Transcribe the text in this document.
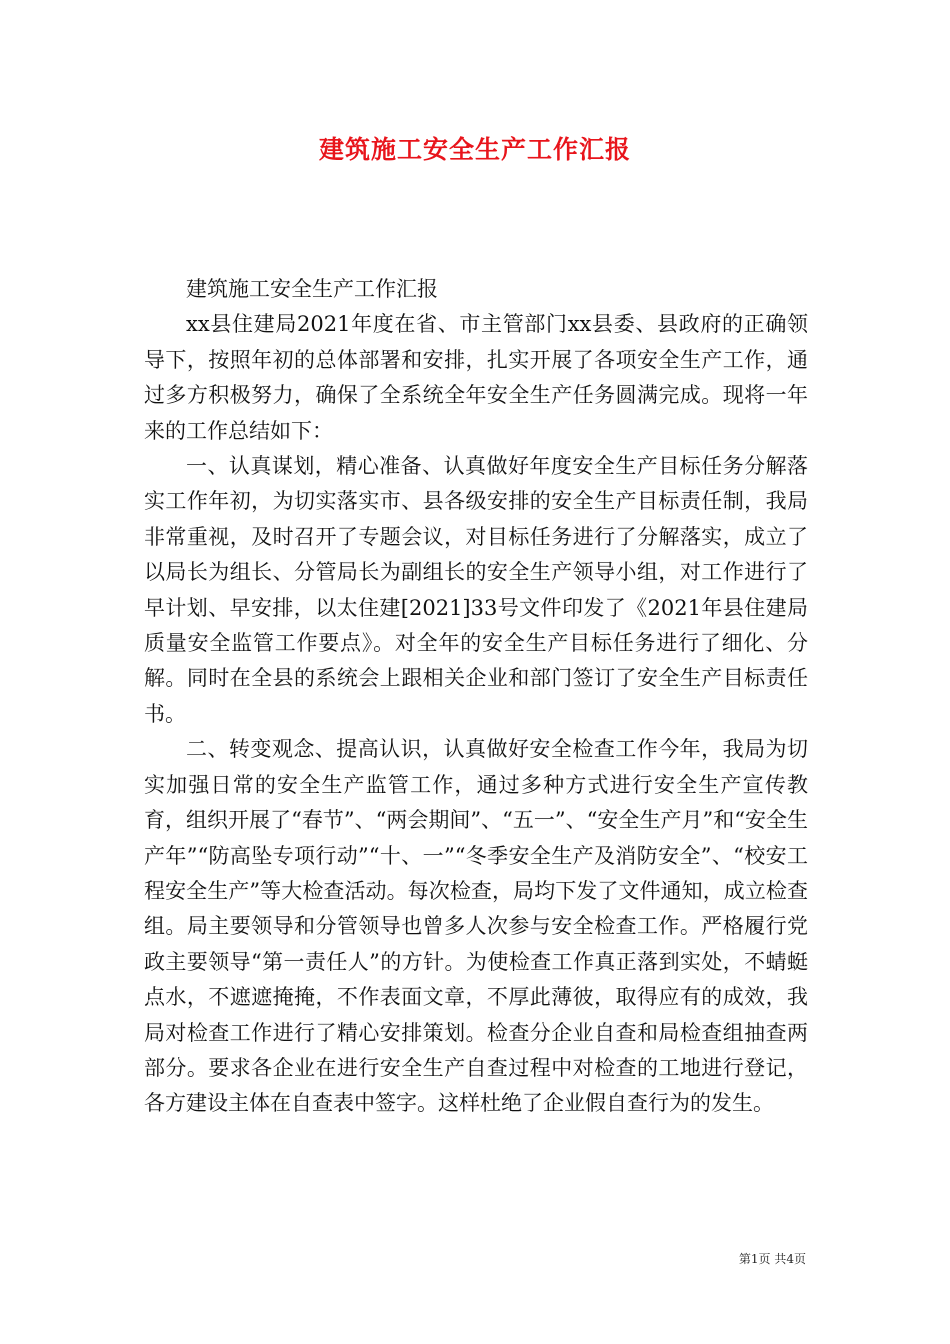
建筑施工安全生产工作汇报

建筑施工安全生产工作汇报

xx县住建局2021年度在省、市主管部门xx县委、县政府的正确领导下，按照年初的总体部署和安排，扎实开展了各项安全生产工作，通过多方积极努力，确保了全系统全年安全生产任务圆满完成。现将一年来的工作总结如下：

一、认真谋划，精心准备、认真做好年度安全生产目标任务分解落实工作年初，为切实落实市、县各级安排的安全生产目标责任制，我局非常重视，及时召开了专题会议，对目标任务进行了分解落实，成立了以局长为组长、分管局长为副组长的安全生产领导小组，对工作进行了早计划、早安排，以太住建[2021]33号文件印发了《2021年县住建局质量安全监管工作要点》。对全年的安全生产目标任务进行了细化、分解。同时在全县的系统会上跟相关企业和部门签订了安全生产目标责任书。

二、转变观念、提高认识，认真做好安全检查工作今年，我局为切实加强日常的安全生产监管工作，通过多种方式进行安全生产宣传教育，组织开展了“春节”、“两会期间”、“五一”、“安全生产月”和“安全生产年”“防高坠专项行动”“十、一”“冬季安全生产及消防安全”、“校安工程安全生产”等大检查活动。每次检查，局均下发了文件通知，成立检查组。局主要领导和分管领导也曾多人次参与安全检查工作。严格履行党政主要领导“第一责任人”的方针。为使检查工作真正落到实处，不蜻蜓点水，不遮遮掩掩，不作表面文章，不厚此薄彼，取得应有的成效，我局对检查工作进行了精心安排策划。检查分企业自查和局检查组抽查两部分。要求各企业在进行安全生产自查过程中对检查的工地进行登记，各方建设主体在自查表中签字。这样杜绝了企业假自查行为的发生。

第1页 共4页
